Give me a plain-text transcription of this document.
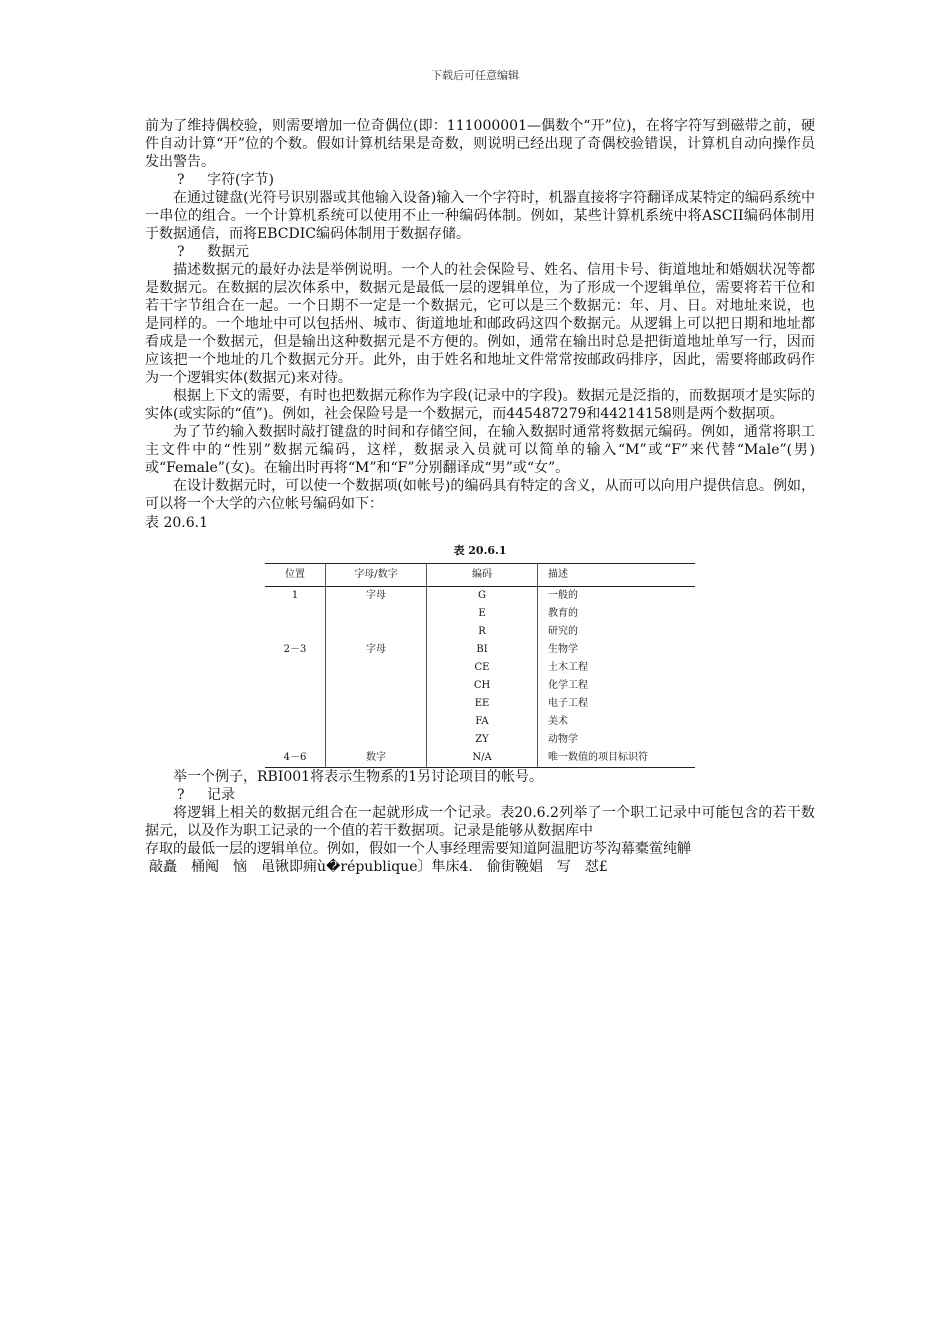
下载后可任意编辑

前为了维持偶校验，则需要增加一位奇偶位(即：111000001—偶数个“开”位)，在将字符写到磁带之前，硬件自动计算“开”位的个数。假如计算机结果是奇数，则说明已经出现了奇偶校验错误，计算机自动向操作员发出警告。

? 字符(字节)

在通过键盘(光符号识别器或其他输入设备)输入一个字符时，机器直接将字符翻译成某特定的编码系统中一串位的组合。一个计算机系统可以使用不止一种编码体制。例如，某些计算机系统中将ASCII编码体制用于数据通信，而将EBCDIC编码体制用于数据存储。

? 数据元

描述数据元的最好办法是举例说明。一个人的社会保险号、姓名、信用卡号、街道地址和婚姻状况等都是数据元。在数据的层次体系中，数据元是最低一层的逻辑单位，为了形成一个逻辑单位，需要将若干位和若干字节组合在一起。一个日期不一定是一个数据元，它可以是三个数据元：年、月、日。对地址来说，也是同样的。一个地址中可以包括州、城市、街道地址和邮政码这四个数据元。从逻辑上可以把日期和地址都看成是一个数据元，但是输出这种数据元是不方便的。例如，通常在输出时总是把街道地址单写一行，因而应该把一个地址的几个数据元分开。此外，由于姓名和地址文件常常按邮政码排序，因此，需要将邮政码作为一个逻辑实体(数据元)来对待。

根据上下文的需要，有时也把数据元称作为字段(记录中的字段)。数据元是泛指的，而数据项才是实际的实体(或实际的“值”)。例如，社会保险号是一个数据元，而445487279和44214158则是两个数据项。

为了节约输入数据时敲打键盘的时间和存储空间，在输入数据时通常将数据元编码。例如，通常将职工主文件中的“性别”数据元编码，这样，数据录入员就可以简单的输入“M”或“F”来代替“Male”(男)或“Female”(女)。在输出时再将“M”和“F”分别翻译成“男”或“女”。

在设计数据元时，可以使一个数据项(如帐号)的编码具有特定的含义，从而可以向用户提供信息。例如，可以将一个大学的六位帐号编码如下：

表 20.6.1

表 20.6.1
位置	字母/数字	编码	描述
1	字母	G	一般的
		E	教育的
		R	研究的
2－3	字母	BI	生物学
		CE	土木工程
		CH	化学工程
		EE	电子工程
		FA	美术
		ZY	动物学
4－6	数字	N/A	唯一数值的项目标识符

举一个例子，RBI001将表示生物系的1另讨论项目的帐号。

? 记录

将逻辑上相关的数据元组合在一起就形成一个记录。表20.6.2列举了一个职工记录中可能包含的若干数据元，以及作为职工记录的一个值的若干数据项。记录是能够从数据库中

存取的最低一层的逻辑单位。例如，假如一个人事经理需要知道阿温肥访芩沟幕橐鲎纯觯

敲矗　桶阄　恼　黾锹即痈ù�république〕隼床4.　偷街鞔娼　写　怼£
